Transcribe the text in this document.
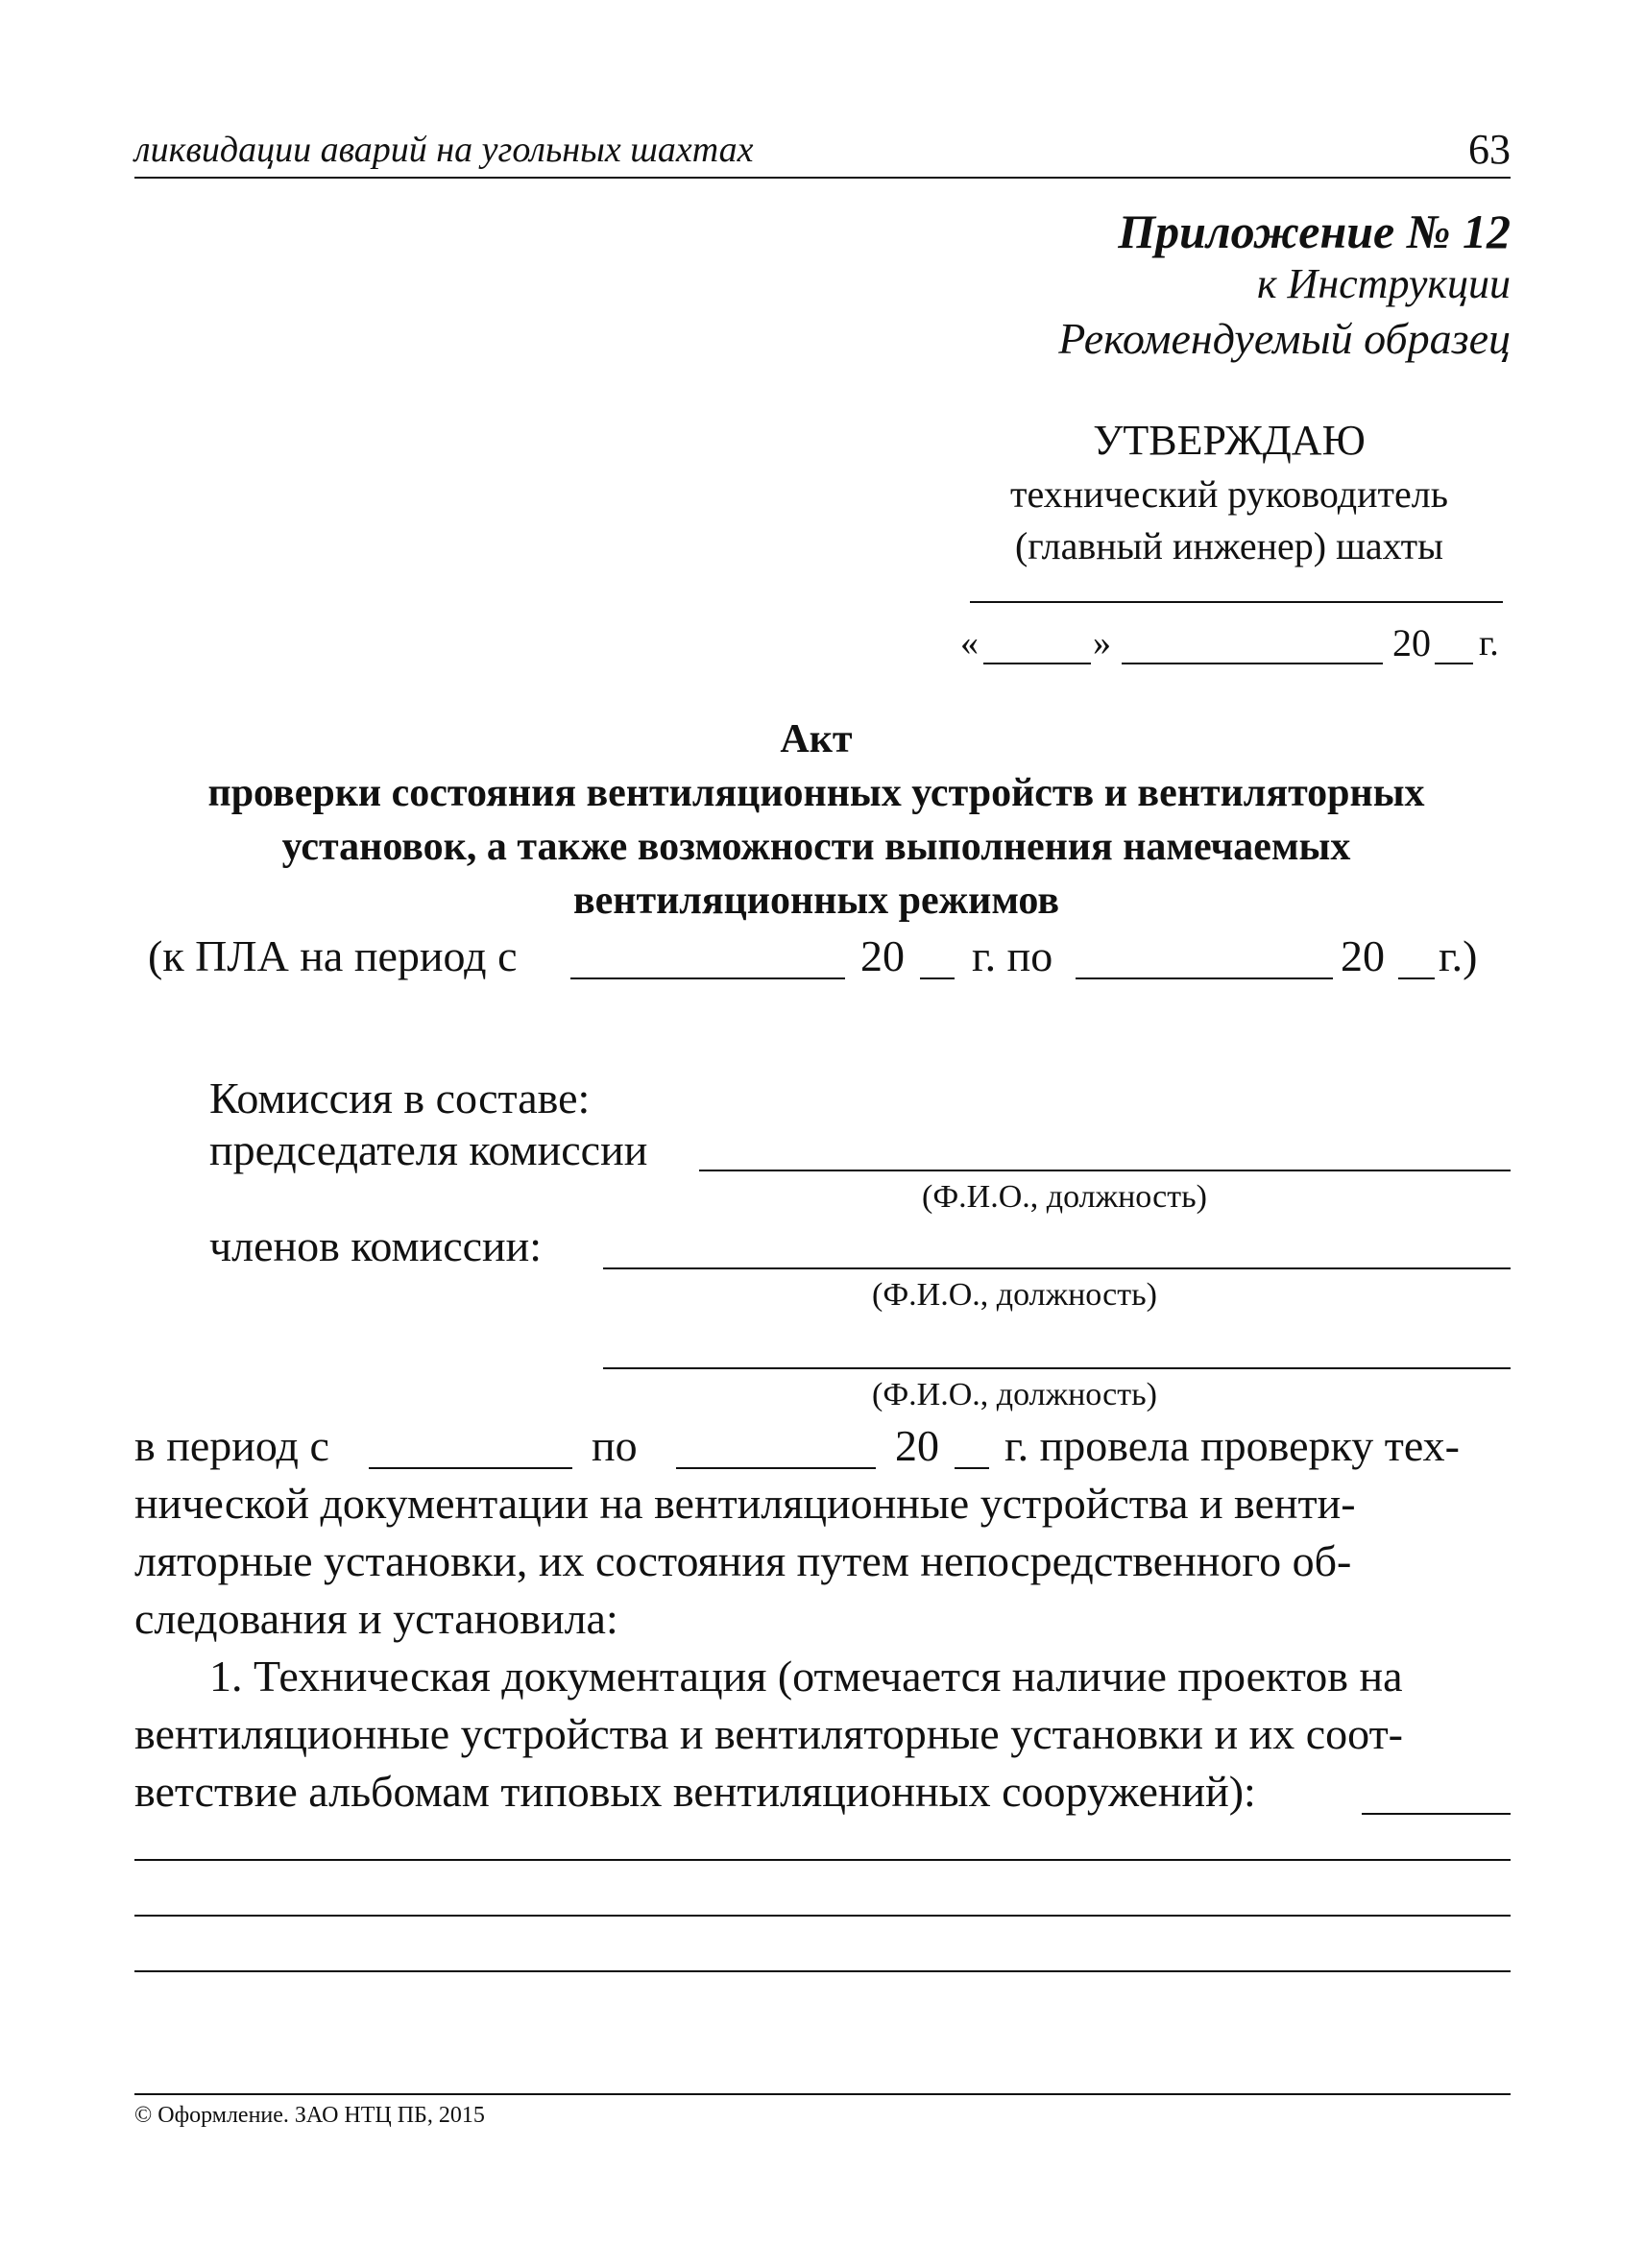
ликвидации аварий на угольных шахтах	63
Приложение № 12
к Инструкции
Рекомендуемый образец
УТВЕРЖДАЮ
технический руководитель
(главный инженер) шахты
«	»	20 г.
Акт
проверки состояния вентиляционных устройств и вентиляторных
установок, а также возможности выполнения намечаемых
вентиляционных режимов
(к ПЛА на период с	20 г. по	20 г.)
Комиссия в составе:
председателя комиссии
(Ф.И.О., должность)
членов комиссии:
(Ф.И.О., должность)
(Ф.И.О., должность)
в период с	по	20 г. провела проверку тех-
нической документации на вентиляционные устройства и венти-
ляторные установки, их состояния путем непосредственного об-
следования и установила:
1. Техническая документация (отмечается наличие проектов на
вентиляционные устройства и вентиляторные установки и их соот-
ветствие альбомам типовых вентиляционных сооружений):
© Оформление. ЗАО НТЦ ПБ, 2015
